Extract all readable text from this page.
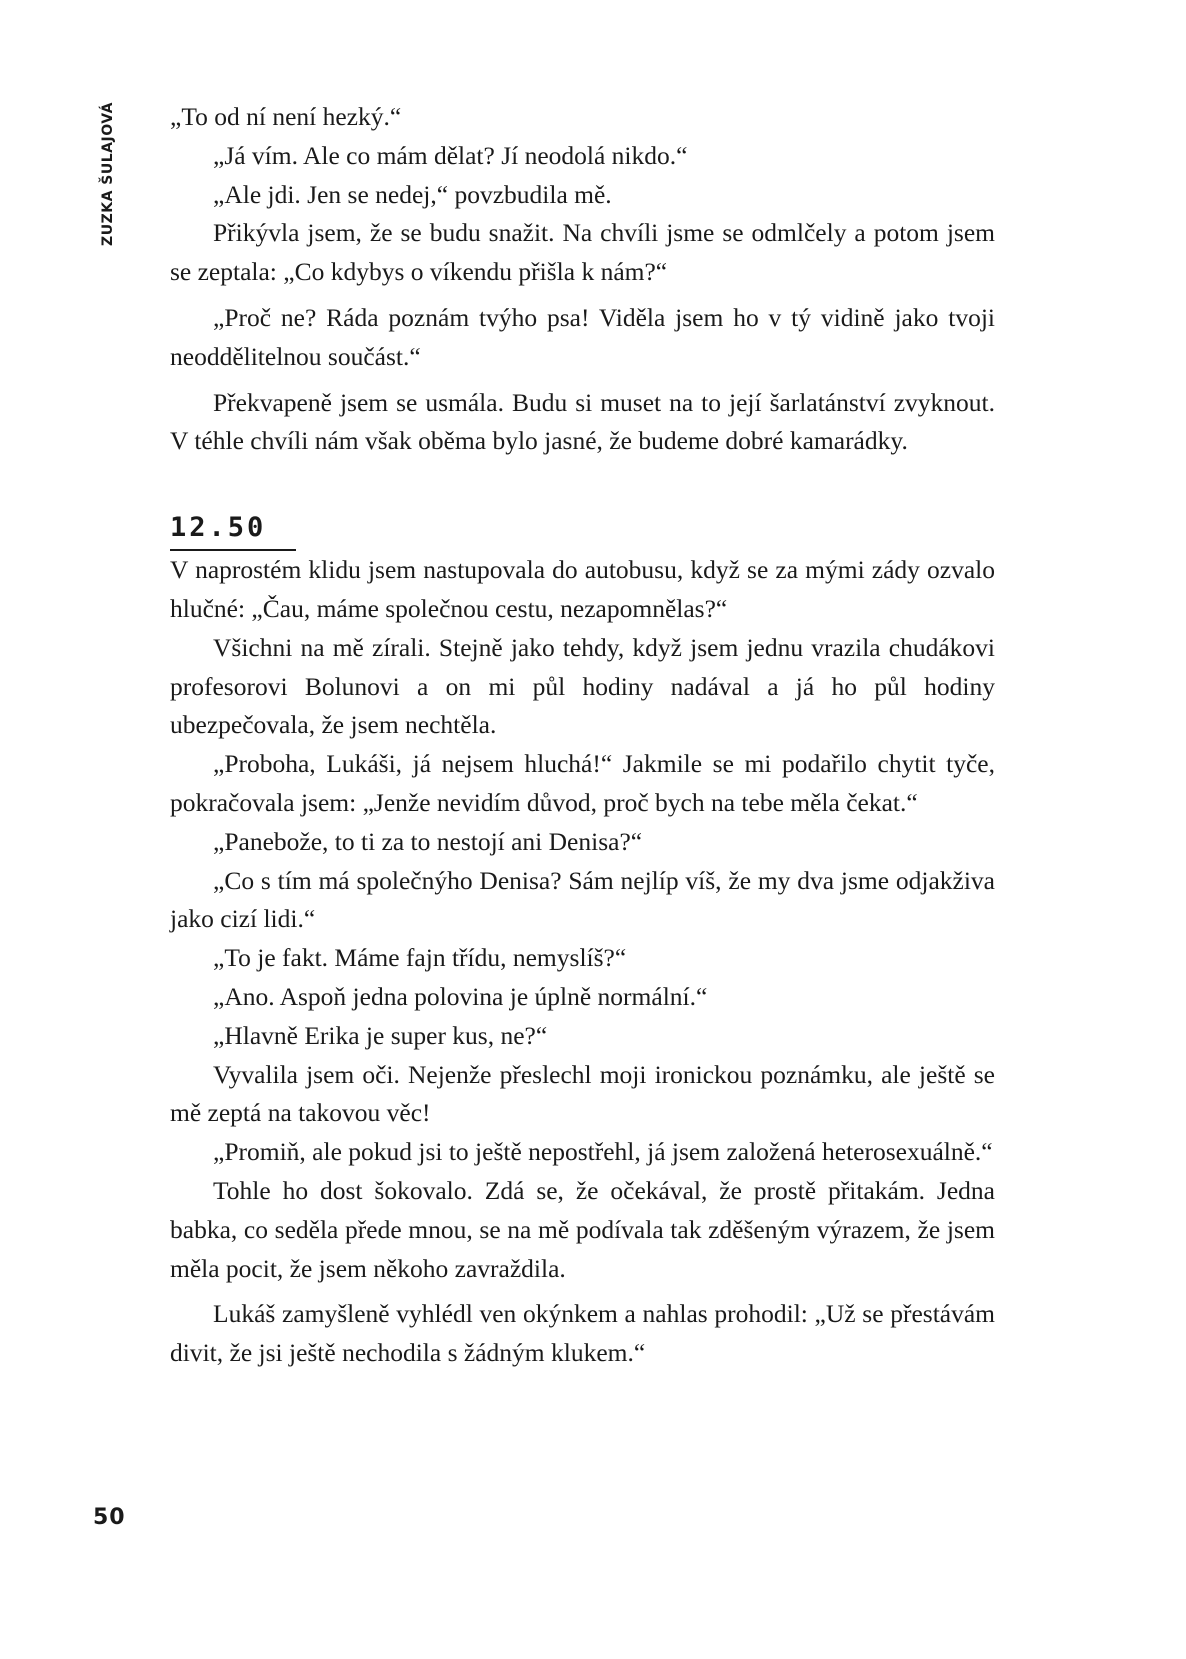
ZUZKA ŠULAJOVÁ „To od ní není hezký.“

„Já vím. Ale co mám dělat? Jí neodolá nikdo.“

„Ale jdi. Jen se nedej,“ povzbudila mě.

Přikývla jsem, že se budu snažit. Na chvíli jsme se odmlčely a potom jsem se zeptala: „Co kdybys o víkendu přišla k nám?“

„Proč ne? Ráda poznám tvýho psa! Viděla jsem ho v tý vidině jako tvoji neoddělitelnou součást.“

Překvapeně jsem se usmála. Budu si muset na to její šarlatánství zvyknout. V téhle chvíli nám však oběma bylo jasné, že budeme dobré kamarádky.

12.50

V naprostém klidu jsem nastupovala do autobusu, když se za mými zády ozvalo hlučné: „Čau, máme společnou cestu, nezapomnělas?“

Všichni na mě zírali. Stejně jako tehdy, když jsem jednu vrazila chudákovi profesorovi Bolunovi a on mi půl hodiny nadával a já ho půl hodiny ubezpečovala, že jsem nechtěla.

„Proboha, Lukáši, já nejsem hluchá!“ Jakmile se mi podařilo chytit tyče, pokračovala jsem: „Jenže nevidím důvod, proč bych na tebe měla čekat.“

„Panebože, to ti za to nestojí ani Denisa?“

„Co s tím má společnýho Denisa? Sám nejlíp víš, že my dva jsme odjakživa jako cizí lidi.“

„To je fakt. Máme fajn třídu, nemyslíš?“

„Ano. Aspoň jedna polovina je úplně normální.“

„Hlavně Erika je super kus, ne?“

Vyvalila jsem oči. Nejenže přeslechl moji ironickou poznámku, ale ještě se mě zeptá na takovou věc!

„Promiň, ale pokud jsi to ještě nepostřehl, já jsem založená heterosexuálně.“

Tohle ho dost šokovalo. Zdá se, že očekával, že prostě přitakám. Jedna babka, co seděla přede mnou, se na mě podívala tak zděšeným výrazem, že jsem měla pocit, že jsem někoho zavraždila.

Lukáš zamyšleně vyhlédl ven okýnkem a nahlas prohodil: „Už se přestávám divit, že jsi ještě nechodila s žádným klukem.“

50
